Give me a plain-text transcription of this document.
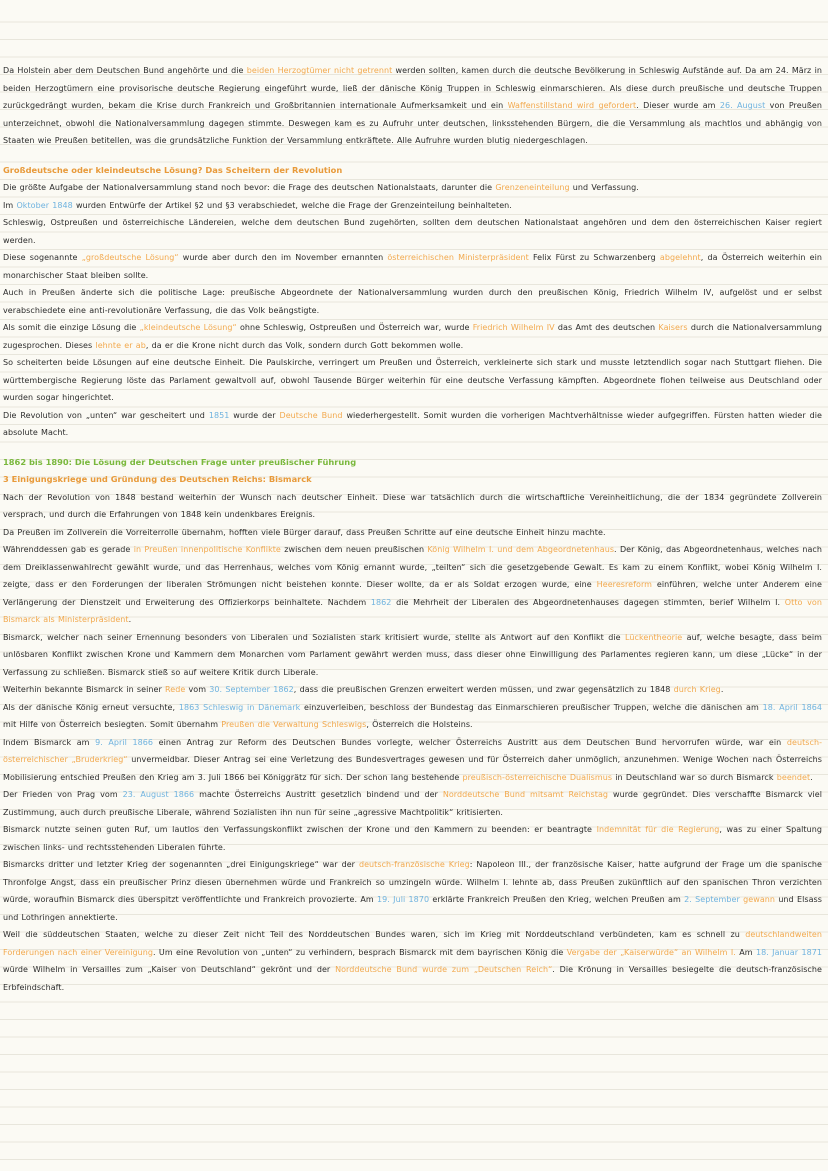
Da Holstein aber dem Deutschen Bund angehörte und die beiden Herzogtümer nicht getrennt werden sollten, kamen durch die deutsche Bevölkerung in Schleswig Aufstände auf. Da am 24. März in beiden Herzogtümern eine provisorische deutsche Regierung eingeführt wurde, ließ der dänische König Truppen in Schleswig einmarschieren. Als diese durch preußische und deutsche Truppen zurückgedrängt wurden, bekam die Krise durch Frankreich und Großbritannien internationale Aufmerksamkeit und ein Waffenstillstand wird gefordert. Dieser wurde am 26. August von Preußen unterzeichnet, obwohl die Nationalversammlung dagegen stimmte. Deswegen kam es zu Aufruhr unter deutschen, linksstehenden Bürgern, die die Versammlung als machtlos und abhängig von Staaten wie Preußen betitellen, was die grundsätzliche Funktion der Versammlung entkräftete. Alle Aufruhre wurden blutig niedergeschlagen.

Großdeutsche oder kleindeutsche Lösung? Das Scheitern der Revolution

Die größte Aufgabe der Nationalversammlung stand noch bevor: die Frage des deutschen Nationalstaats, darunter die Grenzeneinteilung und Verfassung.

Im Oktober 1848 wurden Entwürfe der Artikel §2 und §3 verabschiedet, welche die Frage der Grenzeinteilung beinhalteten.

Schleswig, Ostpreußen und österreichische Ländereien, welche dem deutschen Bund zugehörten, sollten dem deutschen Nationalstaat angehören und dem den österreichischen Kaiser regiert werden.

Diese sogenannte „großdeutsche Lösung“ wurde aber durch den im November ernannten österreichischen Ministerpräsident Felix Fürst zu Schwarzenberg abgelehnt, da Österreich weiterhin ein monarchischer Staat bleiben sollte.

Auch in Preußen änderte sich die politische Lage: preußische Abgeordnete der Nationalversammlung wurden durch den preußischen König, Friedrich Wilhelm IV, aufgelöst und er selbst verabschiedete eine anti-revolutionäre Verfassung, die das Volk beängstigte.

Als somit die einzige Lösung die „kleindeutsche Lösung“ ohne Schleswig, Ostpreußen und Österreich war, wurde Friedrich Wilhelm IV das Amt des deutschen Kaisers durch die Nationalversammlung zugesprochen. Dieses lehnte er ab, da er die Krone nicht durch das Volk, sondern durch Gott bekommen wolle.

So scheiterten beide Lösungen auf eine deutsche Einheit. Die Paulskirche, verringert um Preußen und Österreich, verkleinerte sich stark und musste letztendlich sogar nach Stuttgart fliehen. Die württembergische Regierung löste das Parlament gewaltvoll auf, obwohl Tausende Bürger weiterhin für eine deutsche Verfassung kämpften. Abgeordnete flohen teilweise aus Deutschland oder wurden sogar hingerichtet.

Die Revolution von „unten“ war gescheitert und 1851 wurde der Deutsche Bund wiederhergestellt. Somit wurden die vorherigen Machtverhältnisse wieder aufgegriffen. Fürsten hatten wieder die absolute Macht.

1862 bis 1890: Die Lösung der Deutschen Frage unter preußischer Führung
3 Einigungskriege und Gründung des Deutschen Reichs: Bismarck

Nach der Revolution von 1848 bestand weiterhin der Wunsch nach deutscher Einheit. Diese war tatsächlich durch die wirtschaftliche Vereinheitlichung, die der 1834 gegründete Zollverein versprach, und durch die Erfahrungen von 1848 kein undenkbares Ereignis.

Da Preußen im Zollverein die Vorreiterrolle übernahm, hofften viele Bürger darauf, dass Preußen Schritte auf eine deutsche Einheit hinzu machte.

Währenddessen gab es gerade in Preußen innenpolitische Konflikte zwischen dem neuen preußischen König Wilhelm I. und dem Abgeordnetenhaus. Der König, das Abgeordnetenhaus, welches nach dem Dreiklassenwahlrecht gewählt wurde, und das Herrenhaus, welches vom König ernannt wurde, „teilten“ sich die gesetzgebende Gewalt. Es kam zu einem Konflikt, wobei König Wilhelm I. zeigte, dass er den Forderungen der liberalen Strömungen nicht beistehen konnte. Dieser wollte, da er als Soldat erzogen wurde, eine Heeresreform einführen, welche unter Anderem eine Verlängerung der Dienstzeit und Erweiterung des Offizierkorps beinhaltete. Nachdem 1862 die Mehrheit der Liberalen des Abgeordnetenhauses dagegen stimmten, berief Wilhelm I. Otto von Bismarck als Ministerpräsident.

Bismarck, welcher nach seiner Ernennung besonders von Liberalen und Sozialisten stark kritisiert wurde, stellte als Antwort auf den Konflikt die Lückentheorie auf, welche besagte, dass beim unlösbaren Konflikt zwischen Krone und Kammern dem Monarchen vom Parlament gewährt werden muss, dass dieser ohne Einwilligung des Parlamentes regieren kann, um diese „Lücke“ in der Verfassung zu schließen. Bismarck stieß so auf weitere Kritik durch Liberale.

Weiterhin bekannte Bismarck in seiner Rede vom 30. September 1862, dass die preußischen Grenzen erweitert werden müssen, und zwar gegensätzlich zu 1848 durch Krieg.

Als der dänische König erneut versuchte, 1863 Schleswig in Dänemark einzuverleiben, beschloss der Bundestag das Einmarschieren preußischer Truppen, welche die dänischen am 18. April 1864 mit Hilfe von Österreich besiegten. Somit übernahm Preußen die Verwaltung Schleswigs, Österreich die Holsteins.

Indem Bismarck am 9. April 1866 einen Antrag zur Reform des Deutschen Bundes vorlegte, welcher Österreichs Austritt aus dem Deutschen Bund hervorrufen würde, war ein deutsch-österreichischer „Bruderkrieg“ unvermeidbar. Dieser Antrag sei eine Verletzung des Bundesvertrages gewesen und für Österreich daher unmöglich, anzunehmen. Wenige Wochen nach Österreichs Mobilisierung entschied Preußen den Krieg am 3. Juli 1866 bei Königgrätz für sich. Der schon lang bestehende preußisch-österreichische Dualismus in Deutschland war so durch Bismarck beendet.

Der Frieden von Prag vom 23. August 1866 machte Österreichs Austritt gesetzlich bindend und der Norddeutsche Bund mitsamt Reichstag wurde gegründet. Dies verschaffte Bismarck viel Zustimmung, auch durch preußische Liberale, während Sozialisten ihn nun für seine „agressive Machtpolitik“ kritisierten.

Bismarck nutzte seinen guten Ruf, um lautlos den Verfassungskonflikt zwischen der Krone und den Kammern zu beenden: er beantragte Indemnität für die Regierung, was zu einer Spaltung zwischen links- und rechtsstehenden Liberalen führte.

Bismarcks dritter und letzter Krieg der sogenannten „drei Einigungskriege“ war der deutsch-französische Krieg: Napoleon III., der französische Kaiser, hatte aufgrund der Frage um die spanische Thronfolge Angst, dass ein preußischer Prinz diesen übernehmen würde und Frankreich so umzingeln würde. Wilhelm I. lehnte ab, dass Preußen zukünftlich auf den spanischen Thron verzichten würde, woraufhin Bismarck dies überspitzt veröffentlichte und Frankreich provozierte. Am 19. Juli 1870 erklärte Frankreich Preußen den Krieg, welchen Preußen am 2. September gewann und Elsass und Lothringen annektierte.

Weil die süddeutschen Staaten, welche zu dieser Zeit nicht Teil des Norddeutschen Bundes waren, sich im Krieg mit Norddeutschland verbündeten, kam es schnell zu deutschlandweiten Forderungen nach einer Vereinigung. Um eine Revolution von „unten“ zu verhindern, besprach Bismarck mit dem bayrischen König die Vergabe der „Kaiserwürde“ an Wilhelm I. Am 18. Januar 1871 würde Wilhelm in Versailles zum „Kaiser von Deutschland“ gekrönt und der Norddeutsche Bund wurde zum „Deutschen Reich“. Die Krönung in Versailles besiegelte die deutsch-französische Erbfeindschaft.
